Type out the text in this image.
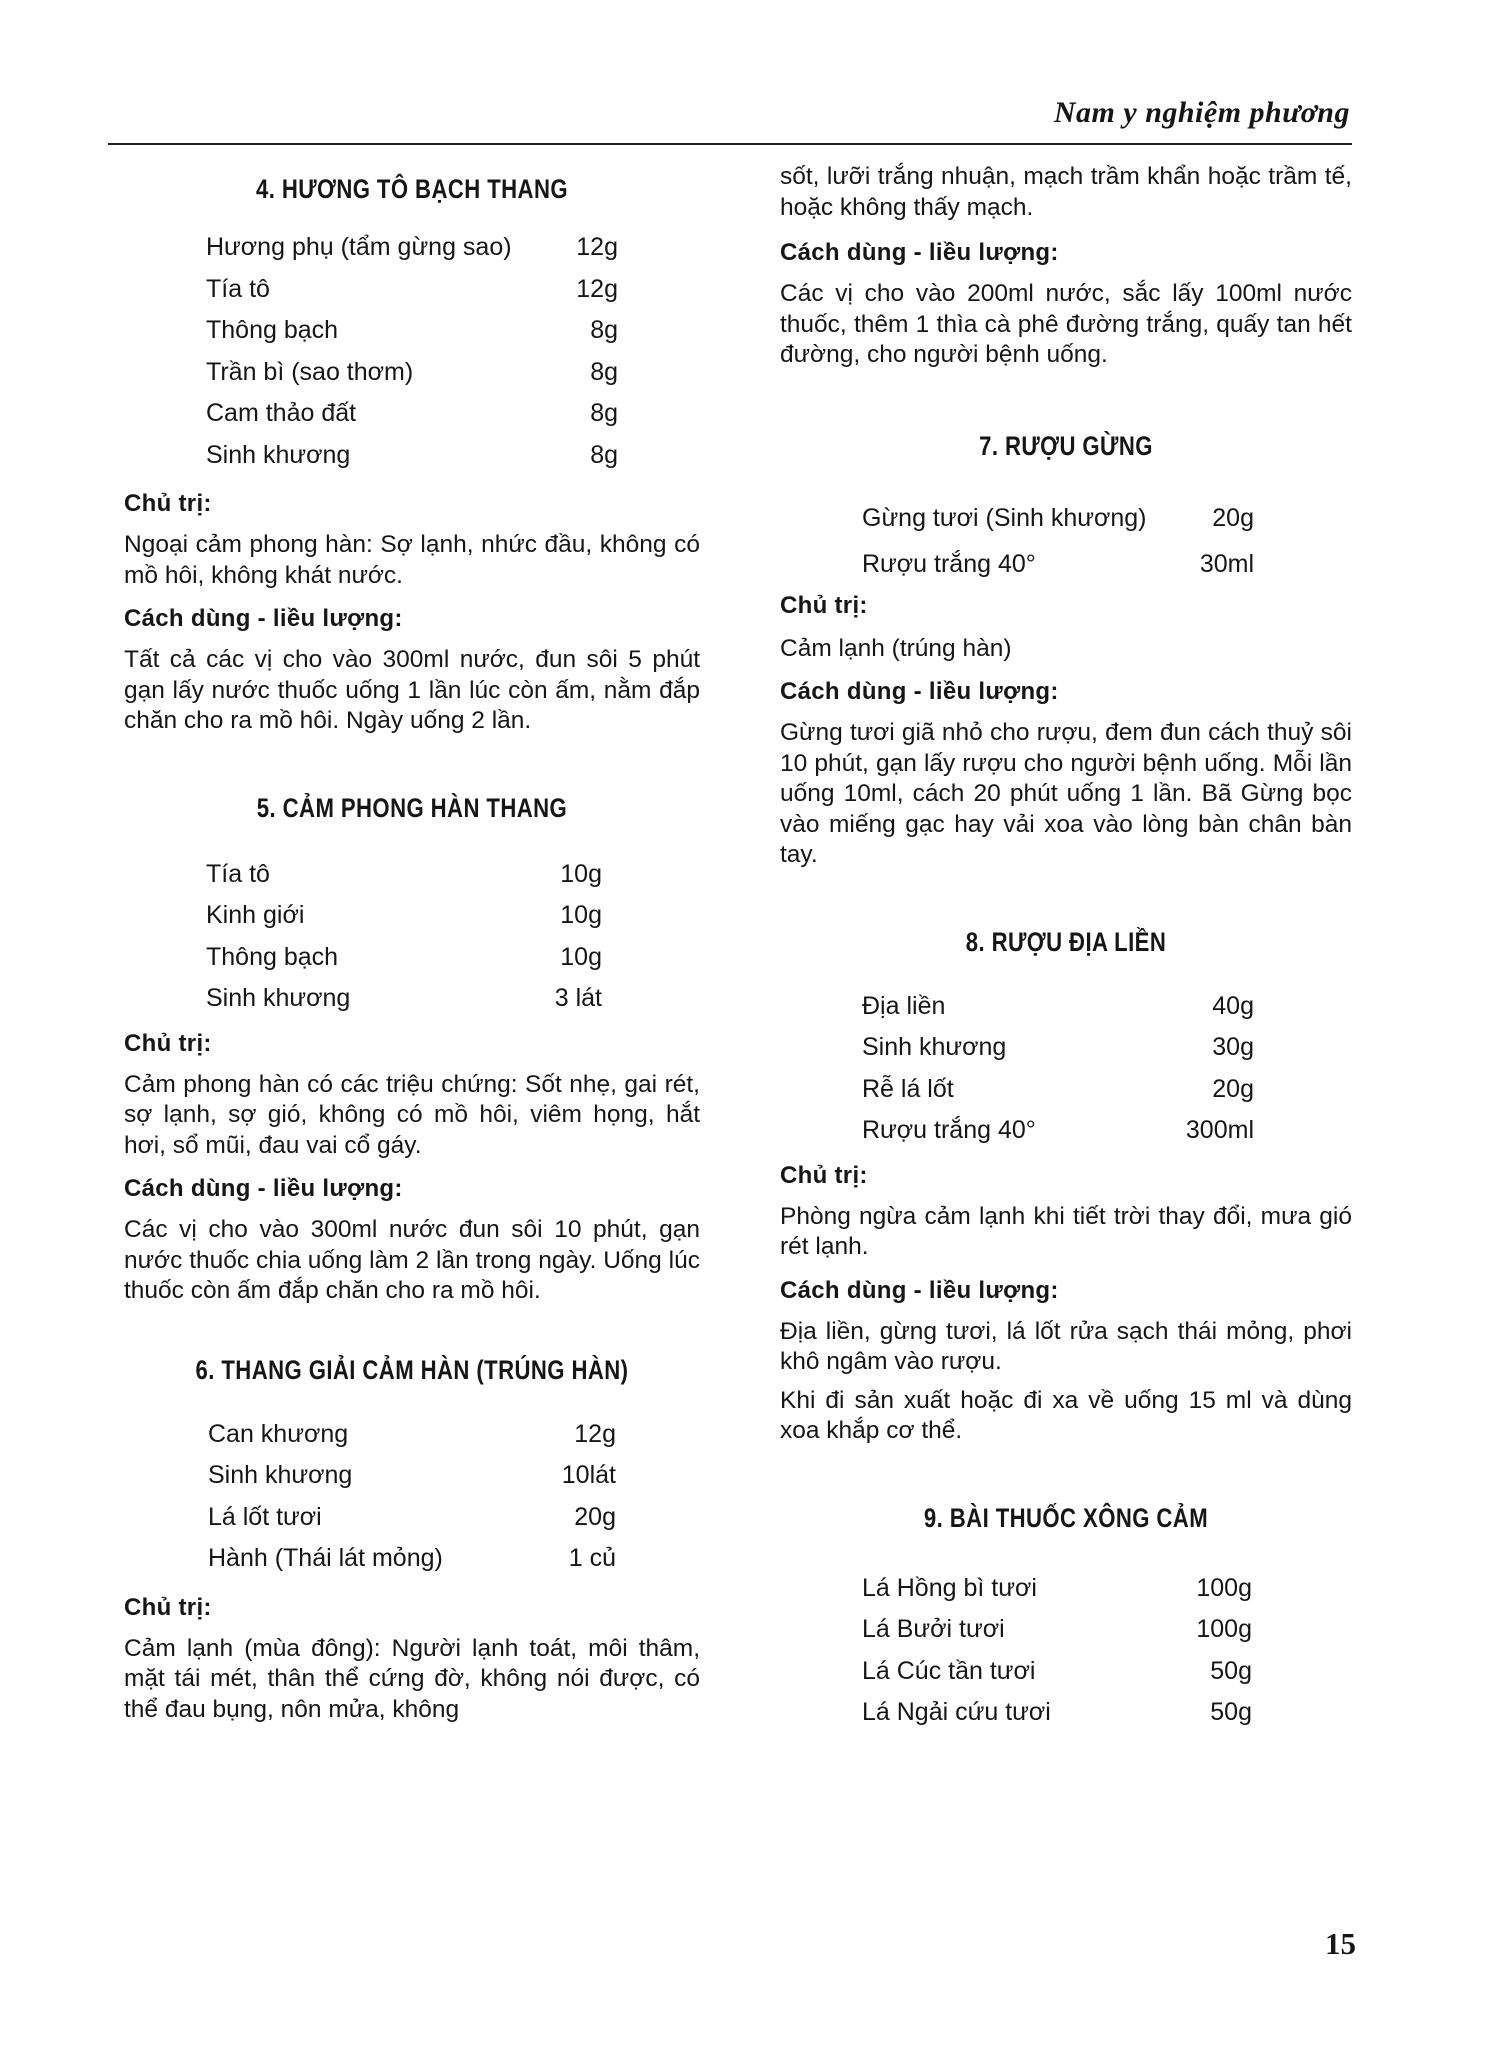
Nam y nghiệm phương
4. HƯƠNG TÔ BẠCH THANG
Hương phụ (tẩm gừng sao)	12g
Tía tô	12g
Thông bạch	8g
Trần bì (sao thơm)	8g
Cam thảo đất	8g
Sinh khương	8g

Chủ trị:

Ngoại cảm phong hàn: Sợ lạnh, nhức đầu, không có mồ hôi, không khát nước.

Cách dùng - liều lượng:

Tất cả các vị cho vào 300ml nước, đun sôi 5 phút gạn lấy nước thuốc uống 1 lần lúc còn ấm, nằm đắp chăn cho ra mồ hôi. Ngày uống 2 lần.

5. CẢM PHONG HÀN THANG
Tía tô	10g
Kinh giới	10g
Thông bạch	10g
Sinh khương	3 lát

Chủ trị:

Cảm phong hàn có các triệu chứng: Sốt nhẹ, gai rét, sợ lạnh, sợ gió, không có mồ hôi, viêm họng, hắt hơi, sổ mũi, đau vai cổ gáy.

Cách dùng - liều lượng:

Các vị cho vào 300ml nước đun sôi 10 phút, gạn nước thuốc chia uống làm 2 lần trong ngày. Uống lúc thuốc còn ấm đắp chăn cho ra mồ hôi.

6. THANG GIẢI CẢM HÀN (TRÚNG HÀN)
Can khương	12g
Sinh khương	10lát
Lá lốt tươi	20g
Hành (Thái lát mỏng)	1 củ

Chủ trị:

Cảm lạnh (mùa đông): Người lạnh toát, môi thâm, mặt tái mét, thân thể cứng đờ, không nói được, có thể đau bụng, nôn mửa, không

sốt, lưỡi trắng nhuận, mạch trầm khẩn hoặc trầm tế, hoặc không thấy mạch.

Cách dùng - liều lượng:

Các vị cho vào 200ml nước, sắc lấy 100ml nước thuốc, thêm 1 thìa cà phê đường trắng, quấy tan hết đường, cho người bệnh uống.

7. RƯỢU GỪNG
Gừng tươi (Sinh khương)	20g
Rượu trắng 40°	30ml

Chủ trị:

Cảm lạnh (trúng hàn)

Cách dùng - liều lượng:

Gừng tươi giã nhỏ cho rượu, đem đun cách thuỷ sôi 10 phút, gạn lấy rượu cho người bệnh uống. Mỗi lần uống 10ml, cách 20 phút uống 1 lần. Bã Gừng bọc vào miếng gạc hay vải xoa vào lòng bàn chân bàn tay.

8. RƯỢU ĐỊA LIỀN
Địa liền	40g
Sinh khương	30g
Rễ lá lốt	20g
Rượu trắng 40°	300ml

Chủ trị:

Phòng ngừa cảm lạnh khi tiết trời thay đổi, mưa gió rét lạnh.

Cách dùng - liều lượng:

Địa liền, gừng tươi, lá lốt rửa sạch thái mỏng, phơi khô ngâm vào rượu.

Khi đi sản xuất hoặc đi xa về uống 15 ml và dùng xoa khắp cơ thể.

9. BÀI THUỐC XÔNG CẢM
Lá Hồng bì tươi	100g
Lá Bưởi tươi	100g
Lá Cúc tần tươi	50g
Lá Ngải cứu tươi	50g
15
